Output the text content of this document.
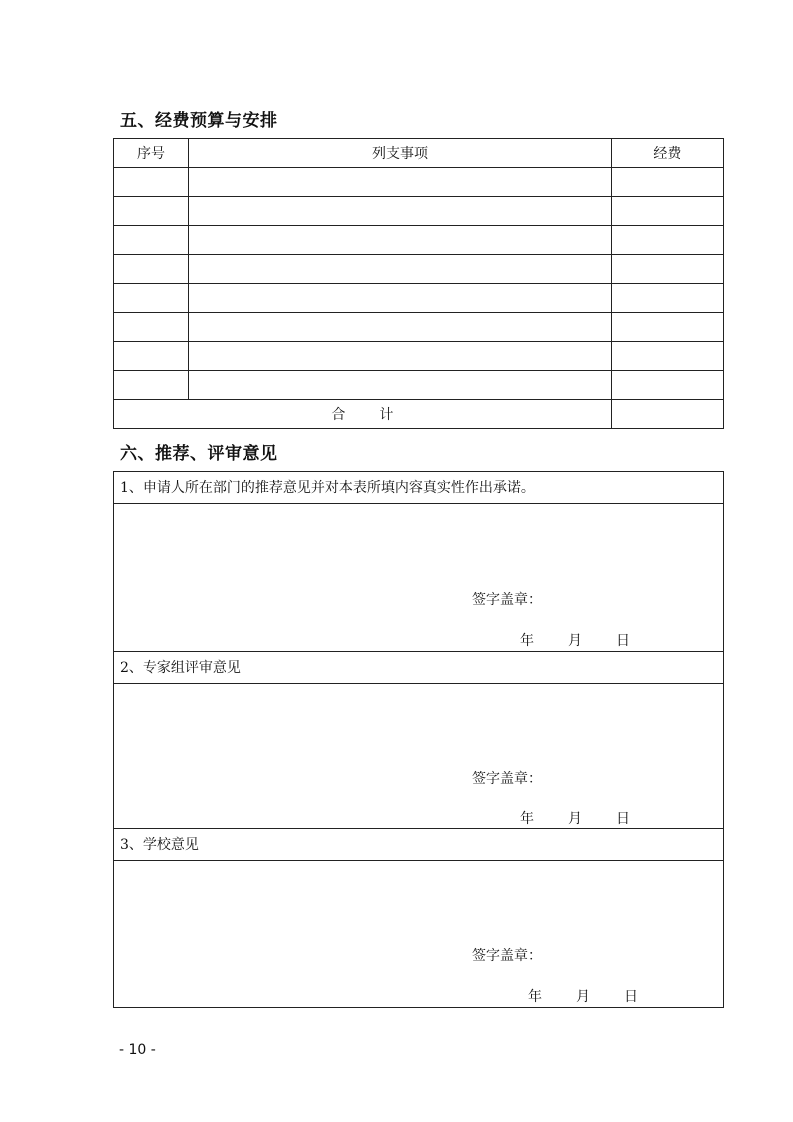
五、经费预算与安排
序号	列支事项	经费

合计		
六、推荐、评审意见
1、申请人所在部门的推荐意见并对本表所填内容真实性作出承诺。
签字盖章：
年	月	日
2、专家组评审意见
签字盖章：
年	月	日
3、学校意见
签字盖章：
年	月	日
- 10 -
